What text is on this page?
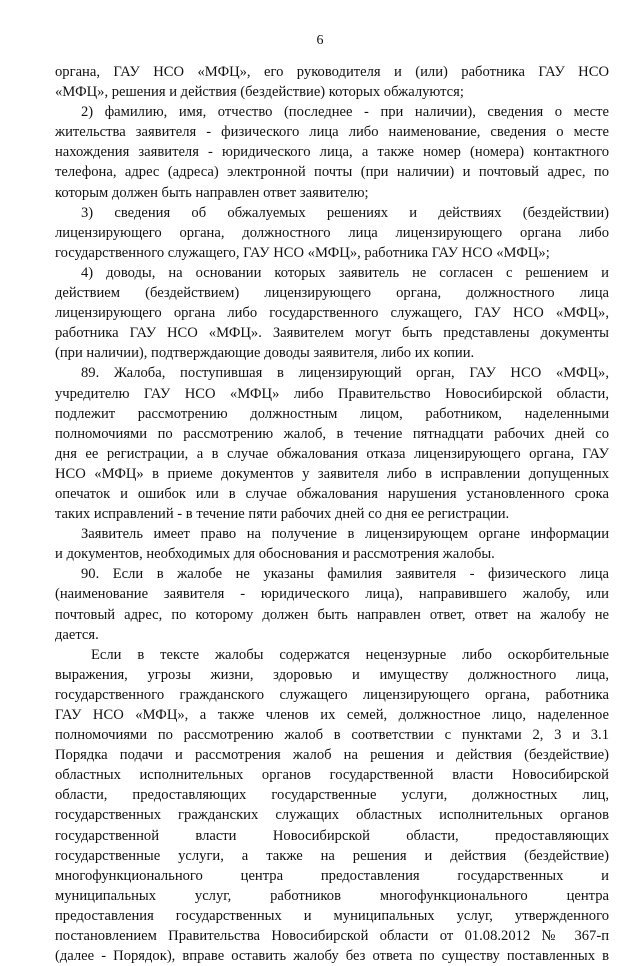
6
органа, ГАУ НСО «МФЦ», его руководителя и (или) работника ГАУ НСО
«МФЦ», решения и действия (бездействие) которых обжалуются;
2) фамилию, имя, отчество (последнее - при наличии), сведения о месте
жительства заявителя - физического лица либо наименование, сведения о месте
нахождения заявителя - юридического лица, а также номер (номера) контактного
телефона, адрес (адреса) электронной почты (при наличии) и почтовый адрес, по
которым должен быть направлен ответ заявителю;
3) сведения об обжалуемых решениях и действиях (бездействии)
лицензирующего органа, должностного лица лицензирующего органа либо
государственного служащего, ГАУ НСО «МФЦ», работника ГАУ НСО «МФЦ»;
4) доводы, на основании которых заявитель не согласен с решением и
действием (бездействием) лицензирующего органа, должностного лица
лицензирующего органа либо государственного служащего, ГАУ НСО «МФЦ»,
работника ГАУ НСО «МФЦ». Заявителем могут быть представлены документы
(при наличии), подтверждающие доводы заявителя, либо их копии.
89. Жалоба, поступившая в лицензирующий орган, ГАУ НСО «МФЦ»,
учредителю ГАУ НСО «МФЦ» либо Правительство Новосибирской области,
подлежит рассмотрению должностным лицом, работником, наделенными
полномочиями по рассмотрению жалоб, в течение пятнадцати рабочих дней со
дня ее регистрации, а в случае обжалования отказа лицензирующего органа, ГАУ
НСО «МФЦ» в приеме документов у заявителя либо в исправлении допущенных
опечаток и ошибок или в случае обжалования нарушения установленного срока
таких исправлений - в течение пяти рабочих дней со дня ее регистрации.
Заявитель имеет право на получение в лицензирующем органе информации
и документов, необходимых для обоснования и рассмотрения жалобы.
90. Если в жалобе не указаны фамилия заявителя - физического лица
(наименование заявителя - юридического лица), направившего жалобу, или
почтовый адрес, по которому должен быть направлен ответ, ответ на жалобу не
дается.
Если в тексте жалобы содержатся нецензурные либо оскорбительные
выражения, угрозы жизни, здоровью и имуществу должностного лица,
государственного гражданского служащего лицензирующего органа, работника
ГАУ НСО «МФЦ», а также членов их семей, должностное лицо, наделенное
полномочиями по рассмотрению жалоб в соответствии с пунктами 2, 3 и 3.1
Порядка подачи и рассмотрения жалоб на решения и действия (бездействие)
областных исполнительных органов государственной власти Новосибирской
области, предоставляющих государственные услуги, должностных лиц,
государственных гражданских служащих областных исполнительных органов
государственной власти Новосибирской области, предоставляющих
государственные услуги, а также на решения и действия (бездействие)
многофункционального центра предоставления государственных и
муниципальных услуг, работников многофункционального центра
предоставления государственных и муниципальных услуг, утвержденного
постановлением Правительства Новосибирской области от 01.08.2012 № 367-п
(далее - Порядок), вправе оставить жалобу без ответа по существу поставленных в
